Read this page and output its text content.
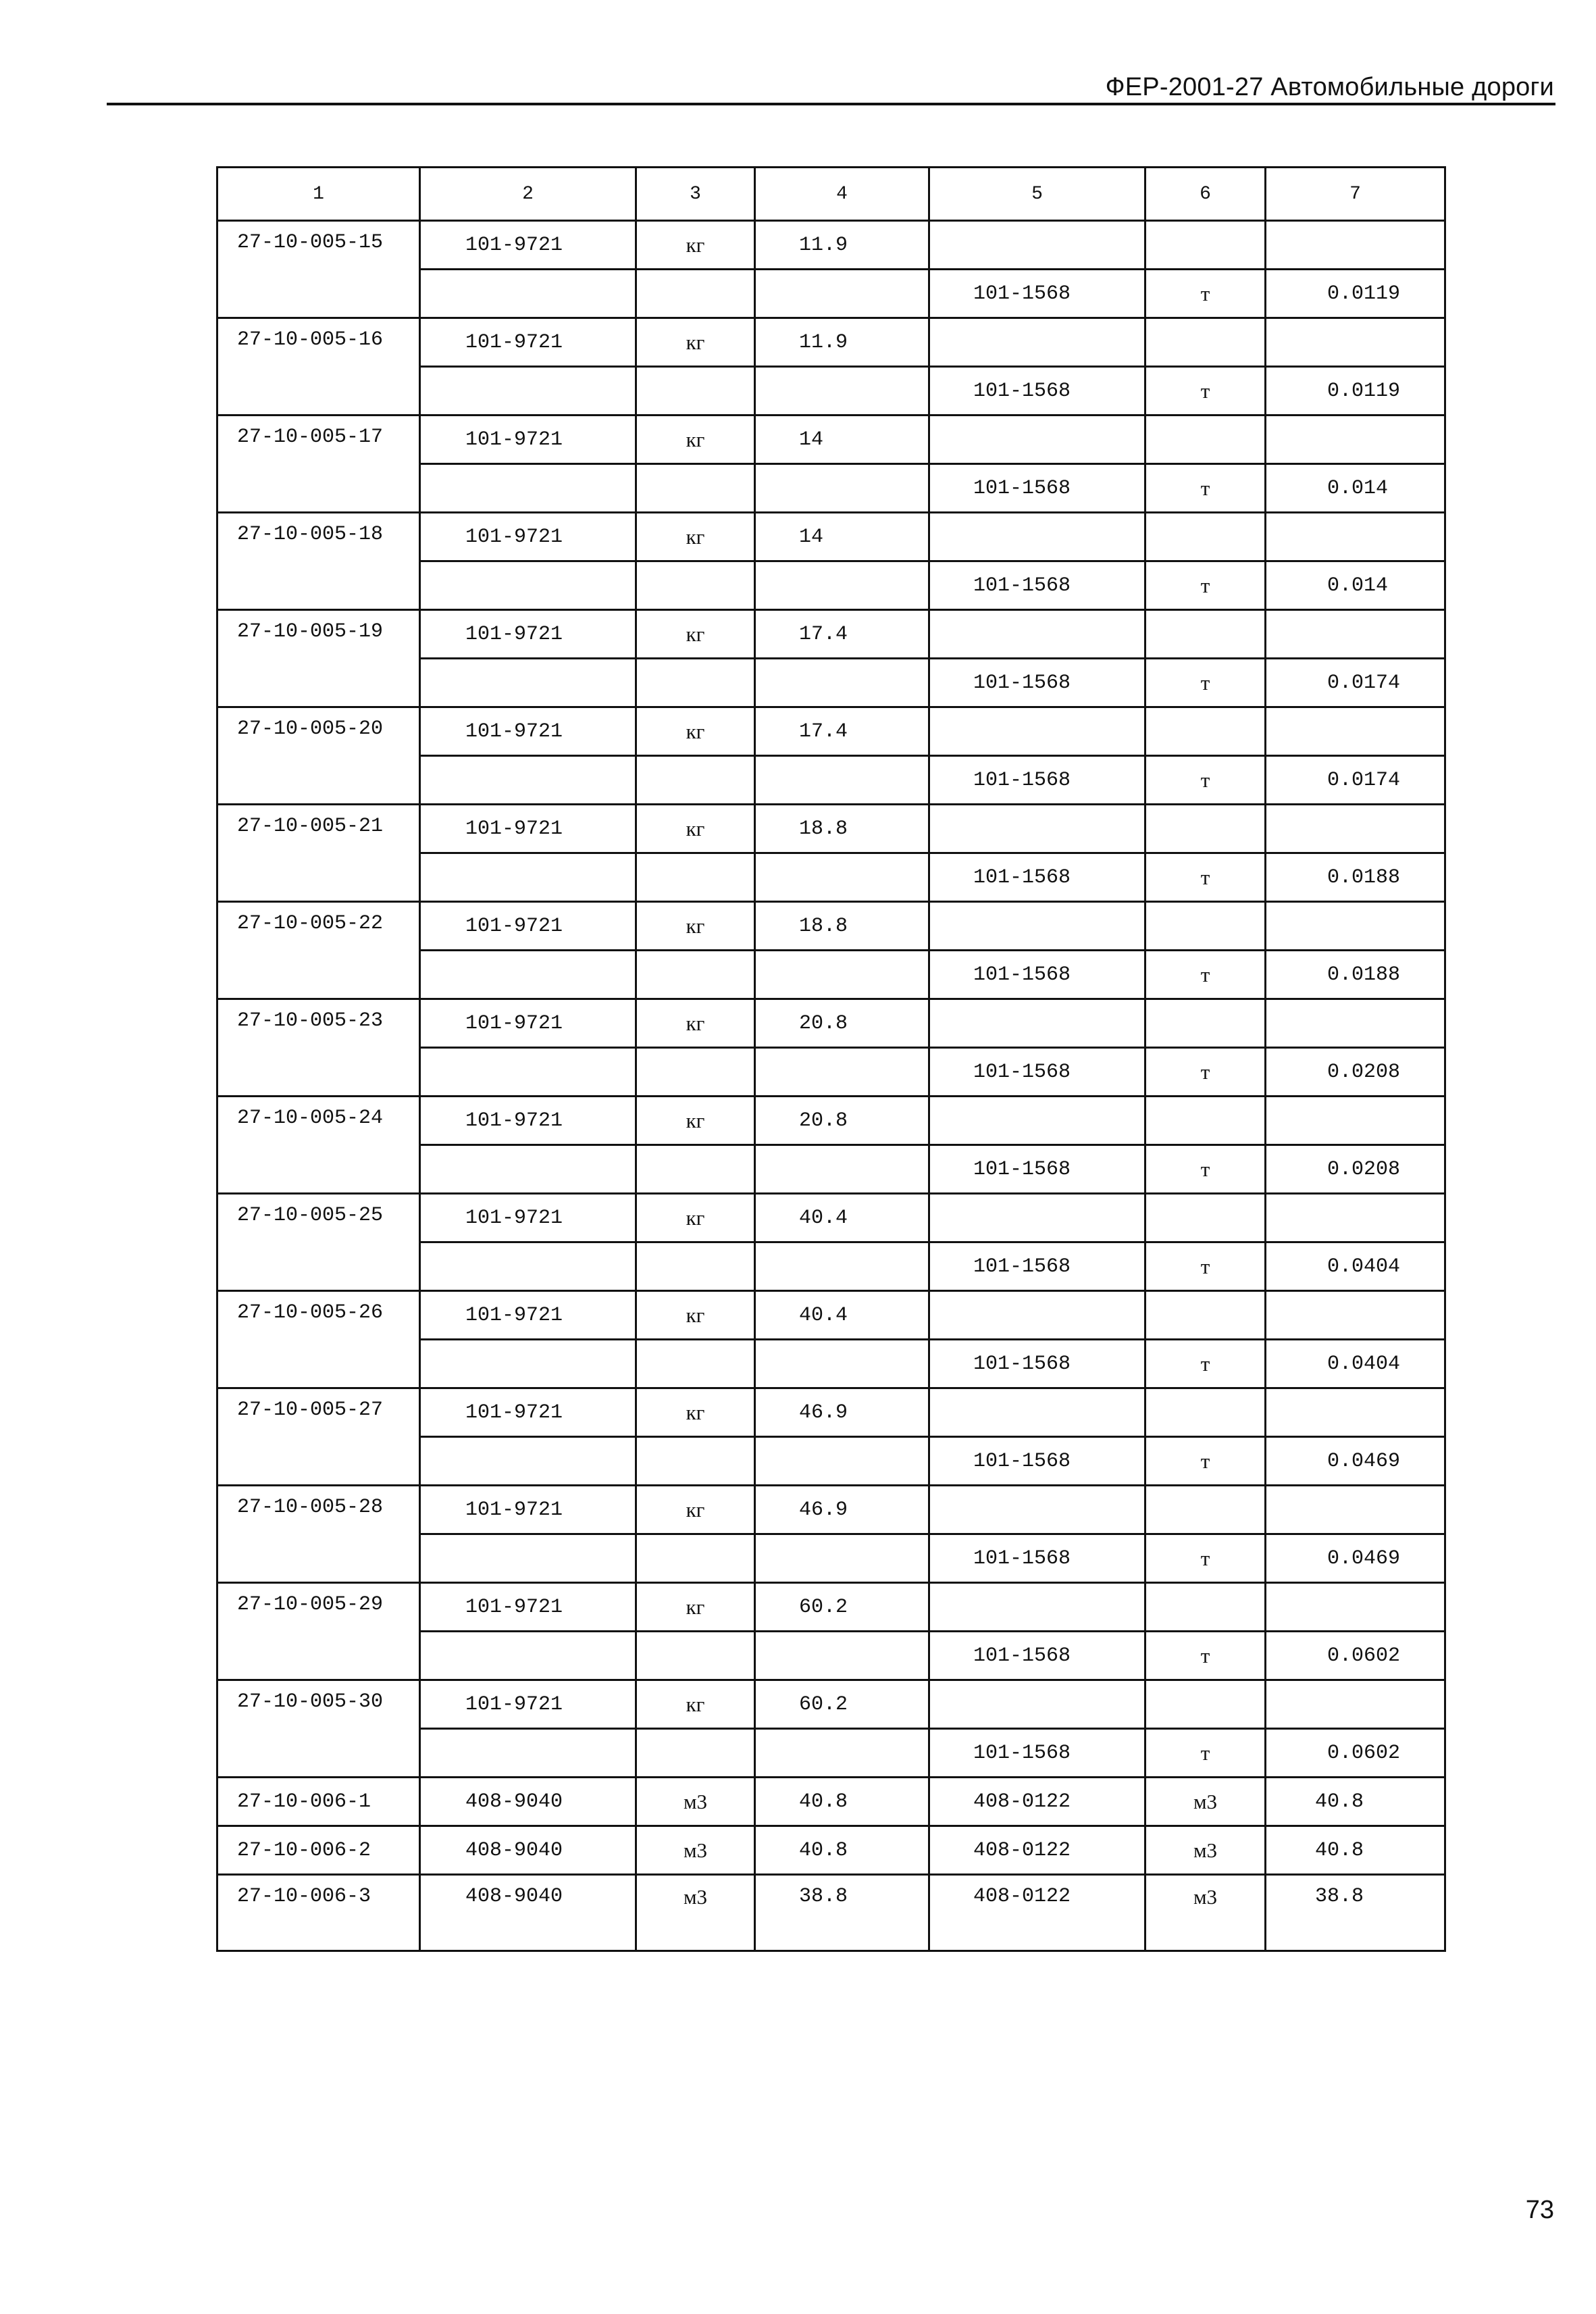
ФЕР-2001-27 Автомобильные дороги
1	2	3	4	5	6	7
27-10-005-15	101-9721	кг	11.9			
				101-1568	т	0.0119
27-10-005-16	101-9721	кг	11.9			
				101-1568	т	0.0119
27-10-005-17	101-9721	кг	14			
				101-1568	т	0.014
27-10-005-18	101-9721	кг	14			
				101-1568	т	0.014
27-10-005-19	101-9721	кг	17.4			
				101-1568	т	0.0174
27-10-005-20	101-9721	кг	17.4			
				101-1568	т	0.0174
27-10-005-21	101-9721	кг	18.8			
				101-1568	т	0.0188
27-10-005-22	101-9721	кг	18.8			
				101-1568	т	0.0188
27-10-005-23	101-9721	кг	20.8			
				101-1568	т	0.0208
27-10-005-24	101-9721	кг	20.8			
				101-1568	т	0.0208
27-10-005-25	101-9721	кг	40.4			
				101-1568	т	0.0404
27-10-005-26	101-9721	кг	40.4			
				101-1568	т	0.0404
27-10-005-27	101-9721	кг	46.9			
				101-1568	т	0.0469
27-10-005-28	101-9721	кг	46.9			
				101-1568	т	0.0469
27-10-005-29	101-9721	кг	60.2			
				101-1568	т	0.0602
27-10-005-30	101-9721	кг	60.2			
				101-1568	т	0.0602
27-10-006-1	408-9040	м3	40.8	408-0122	м3	40.8
27-10-006-2	408-9040	м3	40.8	408-0122	м3	40.8
27-10-006-3	408-9040	м3	38.8	408-0122	м3	38.8
73
